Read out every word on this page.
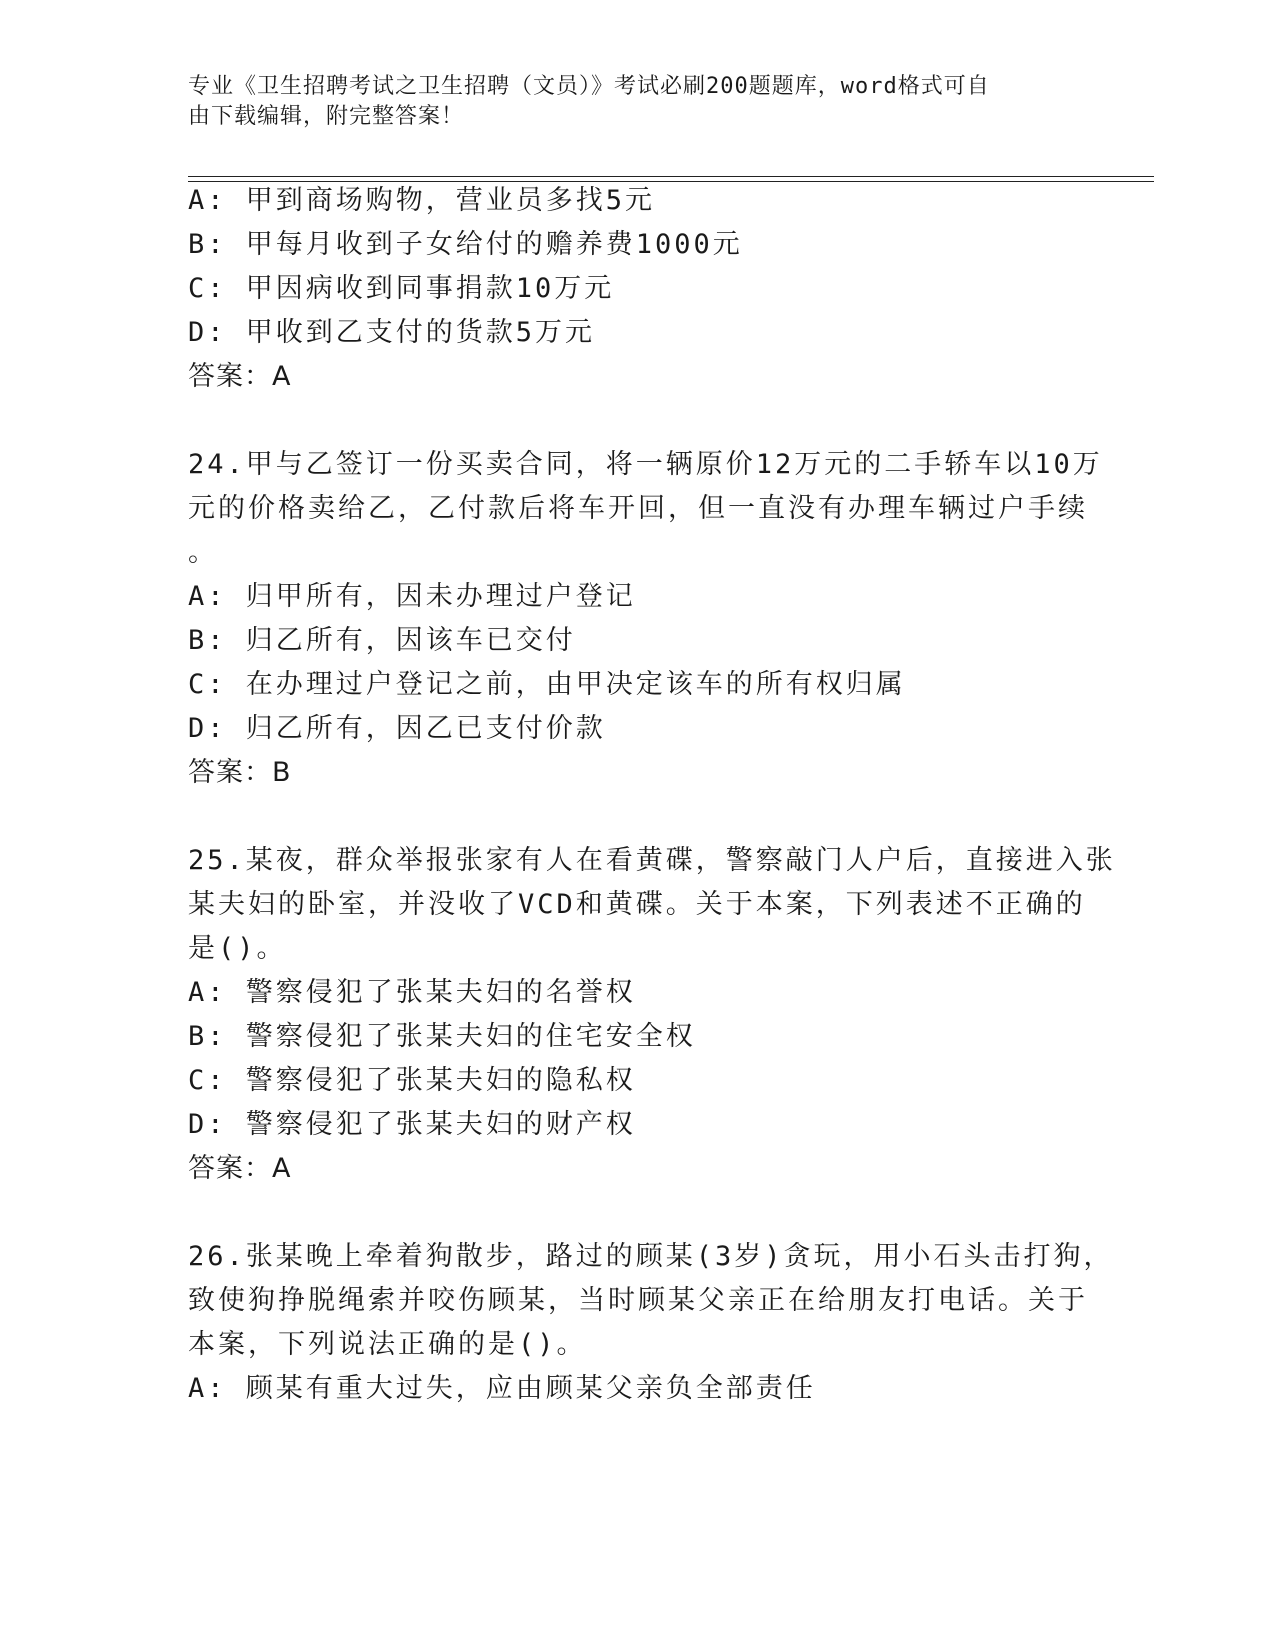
专业《卫生招聘考试之卫生招聘（文员）》考试必刷200题题库，word格式可自
由下载编辑，附完整答案！
A: 甲到商场购物，营业员多找5元
B: 甲每月收到子女给付的赡养费1000元
C: 甲因病收到同事捐款10万元
D: 甲收到乙支付的货款5万元
答案：A
24.甲与乙签订一份买卖合同，将一辆原价12万元的二手轿车以10万
元的价格卖给乙，乙付款后将车开回，但一直没有办理车辆过户手续
。
A: 归甲所有，因未办理过户登记
B: 归乙所有，因该车已交付
C: 在办理过户登记之前，由甲决定该车的所有权归属
D: 归乙所有，因乙已支付价款
答案：B
25.某夜，群众举报张家有人在看黄碟，警察敲门人户后，直接进入张
某夫妇的卧室，并没收了VCD和黄碟。关于本案，下列表述不正确的
是()。
A: 警察侵犯了张某夫妇的名誉权
B: 警察侵犯了张某夫妇的住宅安全权
C: 警察侵犯了张某夫妇的隐私权
D: 警察侵犯了张某夫妇的财产权
答案：A
26.张某晚上牵着狗散步，路过的顾某(3岁)贪玩，用小石头击打狗，
致使狗挣脱绳索并咬伤顾某，当时顾某父亲正在给朋友打电话。关于
本案，下列说法正确的是()。
A: 顾某有重大过失，应由顾某父亲负全部责任
